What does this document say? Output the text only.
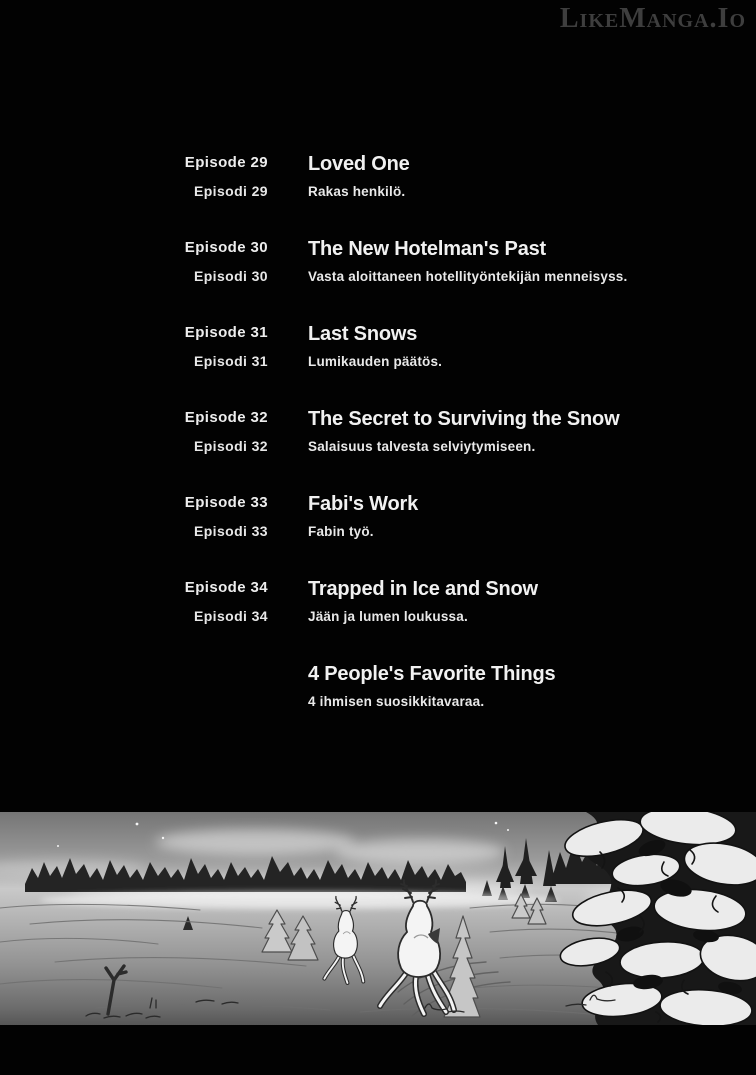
LikeManga.Io
Episode 29
Episodi 29
Loved One
Rakas henkilö.
Episode 30
Episodi 30
The New Hotelman's Past
Vasta aloittaneen hotellityöntekijän menneisyss.
Episode 31
Episodi 31
Last Snows
Lumikauden päätös.
Episode 32
Episodi 32
The Secret to Surviving the Snow
Salaisuus talvesta selviytymiseen.
Episode 33
Episodi 33
Fabi's Work
Fabin työ.
Episode 34
Episodi 34
Trapped in Ice and Snow
Jään ja lumen loukussa.
4 People's Favorite Things
4 ihmisen suosikkitavaraa.
